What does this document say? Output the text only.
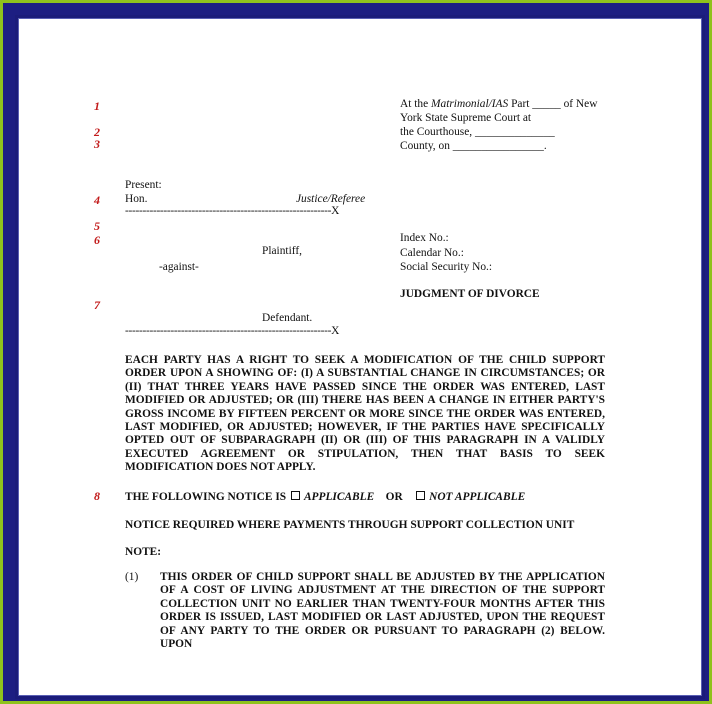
1
2
3
4
5
6
7
8
At the Matrimonial/IAS Part _____ of New
York State Supreme Court at
the Courthouse, ______________
County, on ________________.
Present:
Hon.	Justice/Referee
-----------------------------------------------------------X
Plaintiff,
-against-
Defendant.
-----------------------------------------------------------X
Index No.:
Calendar No.:
Social Security No.:
JUDGMENT OF DIVORCE
EACH PARTY HAS A RIGHT TO SEEK A MODIFICATION OF THE CHILD SUPPORT ORDER UPON A SHOWING OF: (I) A SUBSTANTIAL CHANGE IN CIRCUMSTANCES; OR (II) THAT THREE YEARS HAVE PASSED SINCE THE ORDER WAS ENTERED, LAST MODIFIED OR ADJUSTED; OR (III) THERE HAS BEEN A CHANGE IN EITHER PARTY'S GROSS INCOME BY FIFTEEN PERCENT OR MORE SINCE THE ORDER WAS ENTERED, LAST MODIFIED, OR ADJUSTED; HOWEVER, IF THE PARTIES HAVE SPECIFICALLY OPTED OUT OF SUBPARAGRAPH (II) OR (III) OF THIS PARAGRAPH IN A VALIDLY EXECUTED AGREEMENT OR STIPULATION, THEN THAT BASIS TO SEEK MODIFICATION DOES NOT APPLY.
THE FOLLOWING NOTICE IS APPLICABLE OR NOT APPLICABLE
NOTICE REQUIRED WHERE PAYMENTS THROUGH SUPPORT COLLECTION UNIT
NOTE:
(1) THIS ORDER OF CHILD SUPPORT SHALL BE ADJUSTED BY THE APPLICATION OF A COST OF LIVING ADJUSTMENT AT THE DIRECTION OF THE SUPPORT COLLECTION UNIT NO EARLIER THAN TWENTY-FOUR MONTHS AFTER THIS ORDER IS ISSUED, LAST MODIFIED OR LAST ADJUSTED, UPON THE REQUEST OF ANY PARTY TO THE ORDER OR PURSUANT TO PARAGRAPH (2) BELOW. UPON
